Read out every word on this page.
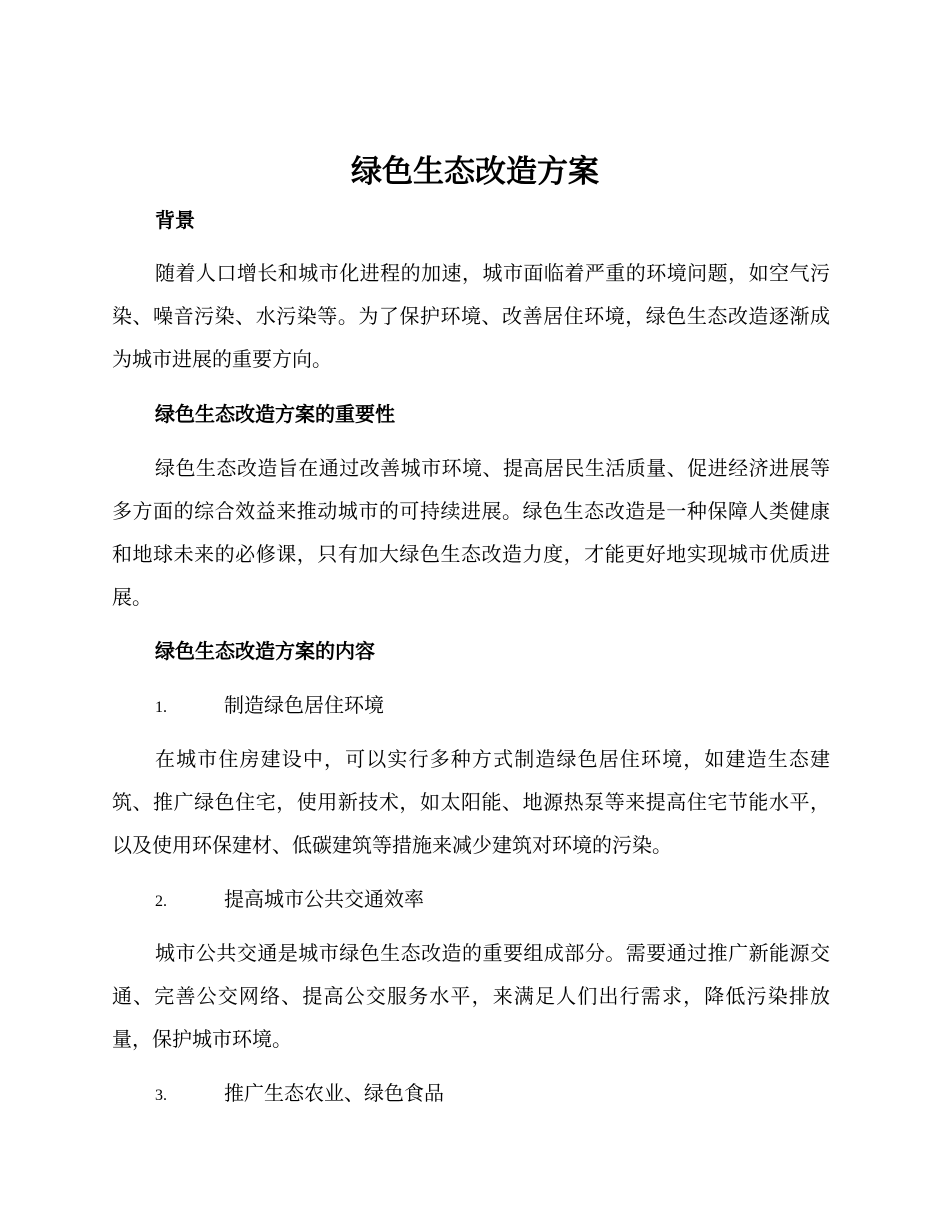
绿色生态改造方案
背景

随着人口增长和城市化进程的加速，城市面临着严重的环境问题，如空气污染、噪音污染、水污染等。为了保护环境、改善居住环境，绿色生态改造逐渐成为城市进展的重要方向。

绿色生态改造方案的重要性

绿色生态改造旨在通过改善城市环境、提高居民生活质量、促进经济进展等多方面的综合效益来推动城市的可持续进展。绿色生态改造是一种保障人类健康和地球未来的必修课，只有加大绿色生态改造力度，才能更好地实现城市优质进展。

绿色生态改造方案的内容
1.	制造绿色居住环境

在城市住房建设中，可以实行多种方式制造绿色居住环境，如建造生态建筑、推广绿色住宅，使用新技术，如太阳能、地源热泵等来提高住宅节能水平，以及使用环保建材、低碳建筑等措施来减少建筑对环境的污染。

2.	提高城市公共交通效率

城市公共交通是城市绿色生态改造的重要组成部分。需要通过推广新能源交通、完善公交网络、提高公交服务水平，来满足人们出行需求，降低污染排放量，保护城市环境。

3.	推广生态农业、绿色食品
